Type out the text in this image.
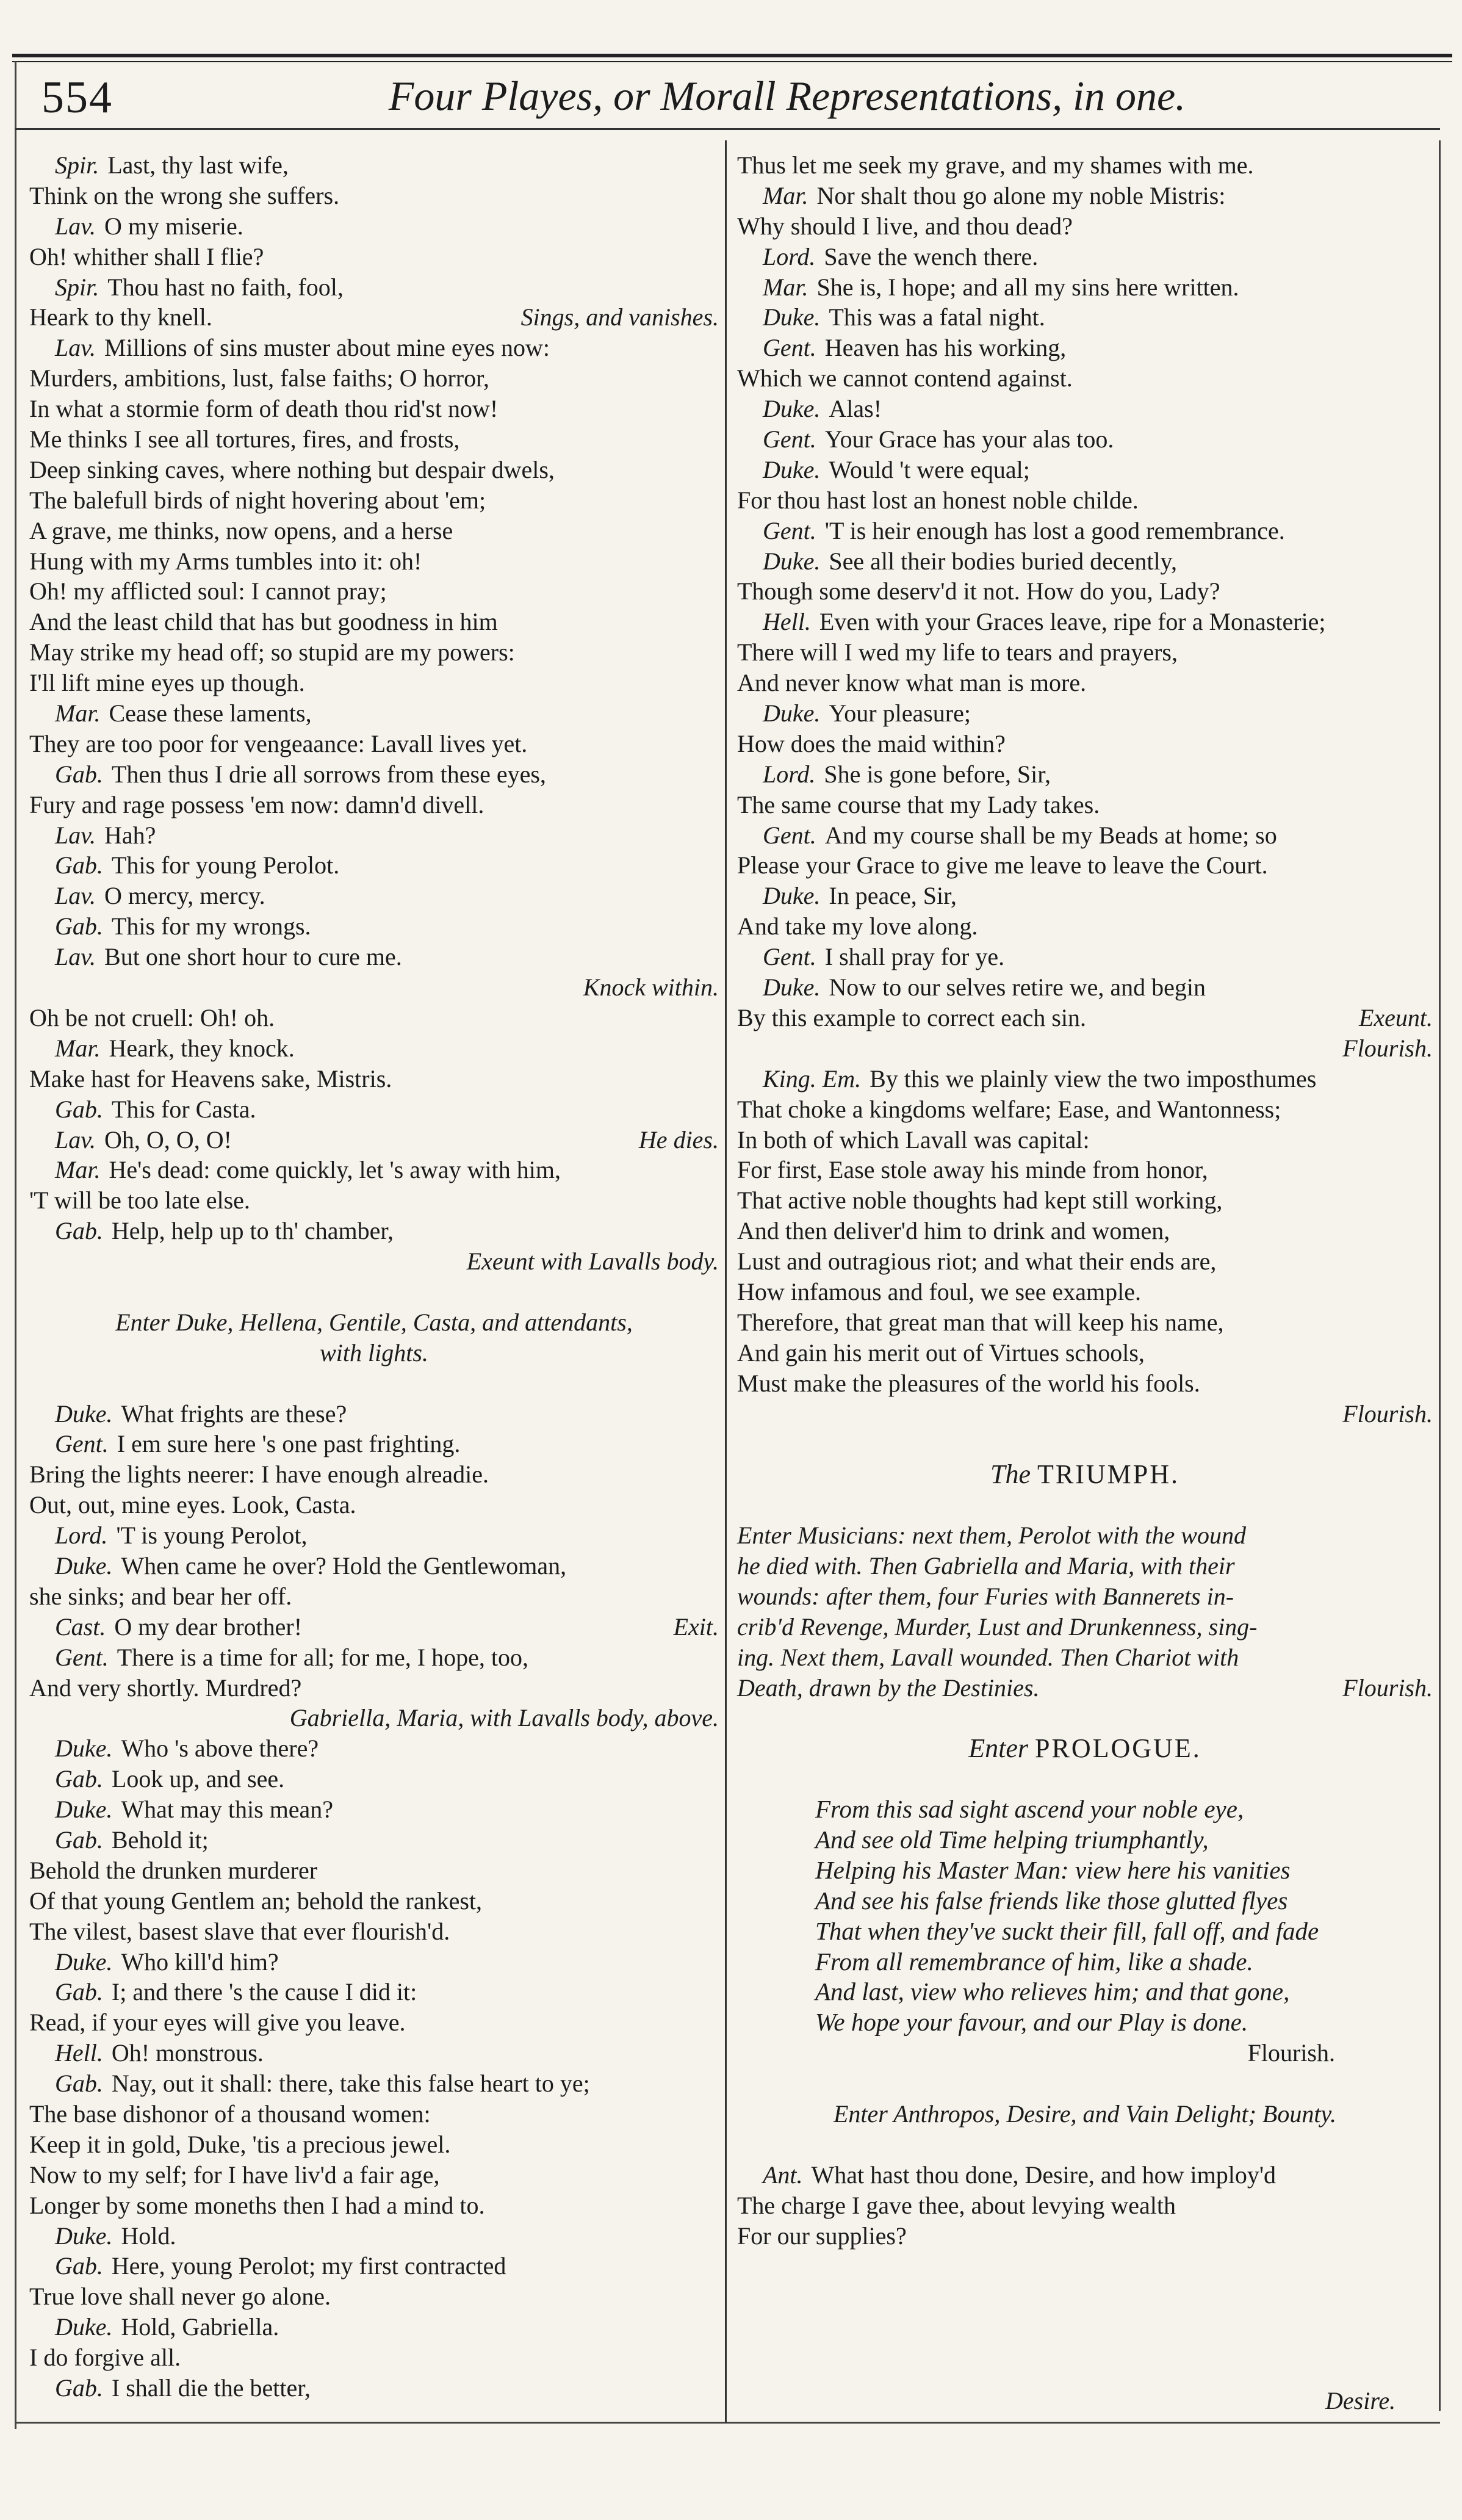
554	Four Playes, or Morall Representations, in one.
Spir. Last, thy last wife,
Think on the wrong she suffers.
Lav. O my miserie.
Oh! whither shall I flie?
Spir. Thou hast no faith, fool,
Heark to thy knell.	Sings, and vanishes.
Lav. Millions of sins muster about mine eyes now:
Murders, ambitions, lust, false faiths; O horror,
In what a stormie form of death thou rid'st now!
Me thinks I see all tortures, fires, and frosts,
Deep sinking caves, where nothing but despair dwels,
The balefull birds of night hovering about 'em;
A grave, me thinks, now opens, and a herse
Hung with my Arms tumbles into it: oh!
Oh! my afflicted soul: I cannot pray;
And the least child that has but goodness in him
May strike my head off; so stupid are my powers:
I'll lift mine eyes up though.
Mar. Cease these laments,
They are too poor for vengeaance: Lavall lives yet.
Gab. Then thus I drie all sorrows from these eyes,
Fury and rage possess 'em now: damn'd divell.
Lav. Hah?
Gab. This for young Perolot.
Lav. O mercy, mercy.
Gab. This for my wrongs.
Lav. But one short hour to cure me.
Knock within.
Oh be not cruell: Oh! oh.
Mar. Heark, they knock.
Make hast for Heavens sake, Mistris.
Gab. This for Casta.
Lav. Oh, O, O, O!	He dies.
Mar. He's dead: come quickly, let 's away with him,
'T will be too late else.
Gab. Help, help up to th' chamber,
Exeunt with Lavalls body.
Enter Duke, Hellena, Gentile, Casta, and attendants,
with lights.
Duke. What frights are these?
Gent. I em sure here 's one past frighting.
Bring the lights neerer: I have enough alreadie.
Out, out, mine eyes. Look, Casta.
Lord. 'T is young Perolot,
Duke. When came he over? Hold the Gentlewoman,
she sinks; and bear her off.
Cast. O my dear brother!	Exit.
Gent. There is a time for all; for me, I hope, too,
And very shortly. Murdred?
Gabriella, Maria, with Lavalls body, above.
Duke. Who 's above there?
Gab. Look up, and see.
Duke. What may this mean?
Gab. Behold it;
Behold the drunken murderer
Of that young Gentlem an; behold the rankest,
The vilest, basest slave that ever flourish'd.
Duke. Who kill'd him?
Gab. I; and there 's the cause I did it:
Read, if your eyes will give you leave.
Hell. Oh! monstrous.
Gab. Nay, out it shall: there, take this false heart to ye;
The base dishonor of a thousand women:
Keep it in gold, Duke, 'tis a precious jewel.
Now to my self; for I have liv'd a fair age,
Longer by some moneths then I had a mind to.
Duke. Hold.
Gab. Here, young Perolot; my first contracted
True love shall never go alone.
Duke. Hold, Gabriella.
I do forgive all.
Gab. I shall die the better,
Thus let me seek my grave, and my shames with me.
Mar. Nor shalt thou go alone my noble Mistris:
Why should I live, and thou dead?
Lord. Save the wench there.
Mar. She is, I hope; and all my sins here written.
Duke. This was a fatal night.
Gent. Heaven has his working,
Which we cannot contend against.
Duke. Alas!
Gent. Your Grace has your alas too.
Duke. Would 't were equal;
For thou hast lost an honest noble childe.
Gent. 'T is heir enough has lost a good remembrance.
Duke. See all their bodies buried decently,
Though some deserv'd it not. How do you, Lady?
Hell. Even with your Graces leave, ripe for a Monasterie;
There will I wed my life to tears and prayers,
And never know what man is more.
Duke. Your pleasure;
How does the maid within?
Lord. She is gone before, Sir,
The same course that my Lady takes.
Gent. And my course shall be my Beads at home; so
Please your Grace to give me leave to leave the Court.
Duke. In peace, Sir,
And take my love along.
Gent. I shall pray for ye.
Duke. Now to our selves retire we, and begin
By this example to correct each sin.	Exeunt.
Flourish.
King. Em. By this we plainly view the two imposthumes
That choke a kingdoms welfare; Ease, and Wantonness;
In both of which Lavall was capital:
For first, Ease stole away his minde from honor,
That active noble thoughts had kept still working,
And then deliver'd him to drink and women,
Lust and outragious riot; and what their ends are,
How infamous and foul, we see example.
Therefore, that great man that will keep his name,
And gain his merit out of Virtues schools,
Must make the pleasures of the world his fools.
Flourish.
The TRIUMPH.
Enter Musicians: next them, Perolot with the wound
he died with. Then Gabriella and Maria, with their
wounds: after them, four Furies with Bannerets in-
crib'd Revenge, Murder, Lust and Drunkenness, sing-
ing. Next them, Lavall wounded. Then Chariot with
Death, drawn by the Destinies.	Flourish.
Enter PROLOGUE.
From this sad sight ascend your noble eye,
And see old Time helping triumphantly,
Helping his Master Man: view here his vanities
And see his false friends like those glutted flyes
That when they've suckt their fill, fall off, and fade
From all remembrance of him, like a shade.
And last, view who relieves him; and that gone,
We hope your favour, and our Play is done.
Flourish.
Enter Anthropos, Desire, and Vain Delight; Bounty.
Ant. What hast thou done, Desire, and how imploy'd
The charge I gave thee, about levying wealth
For our supplies?
Desire.
